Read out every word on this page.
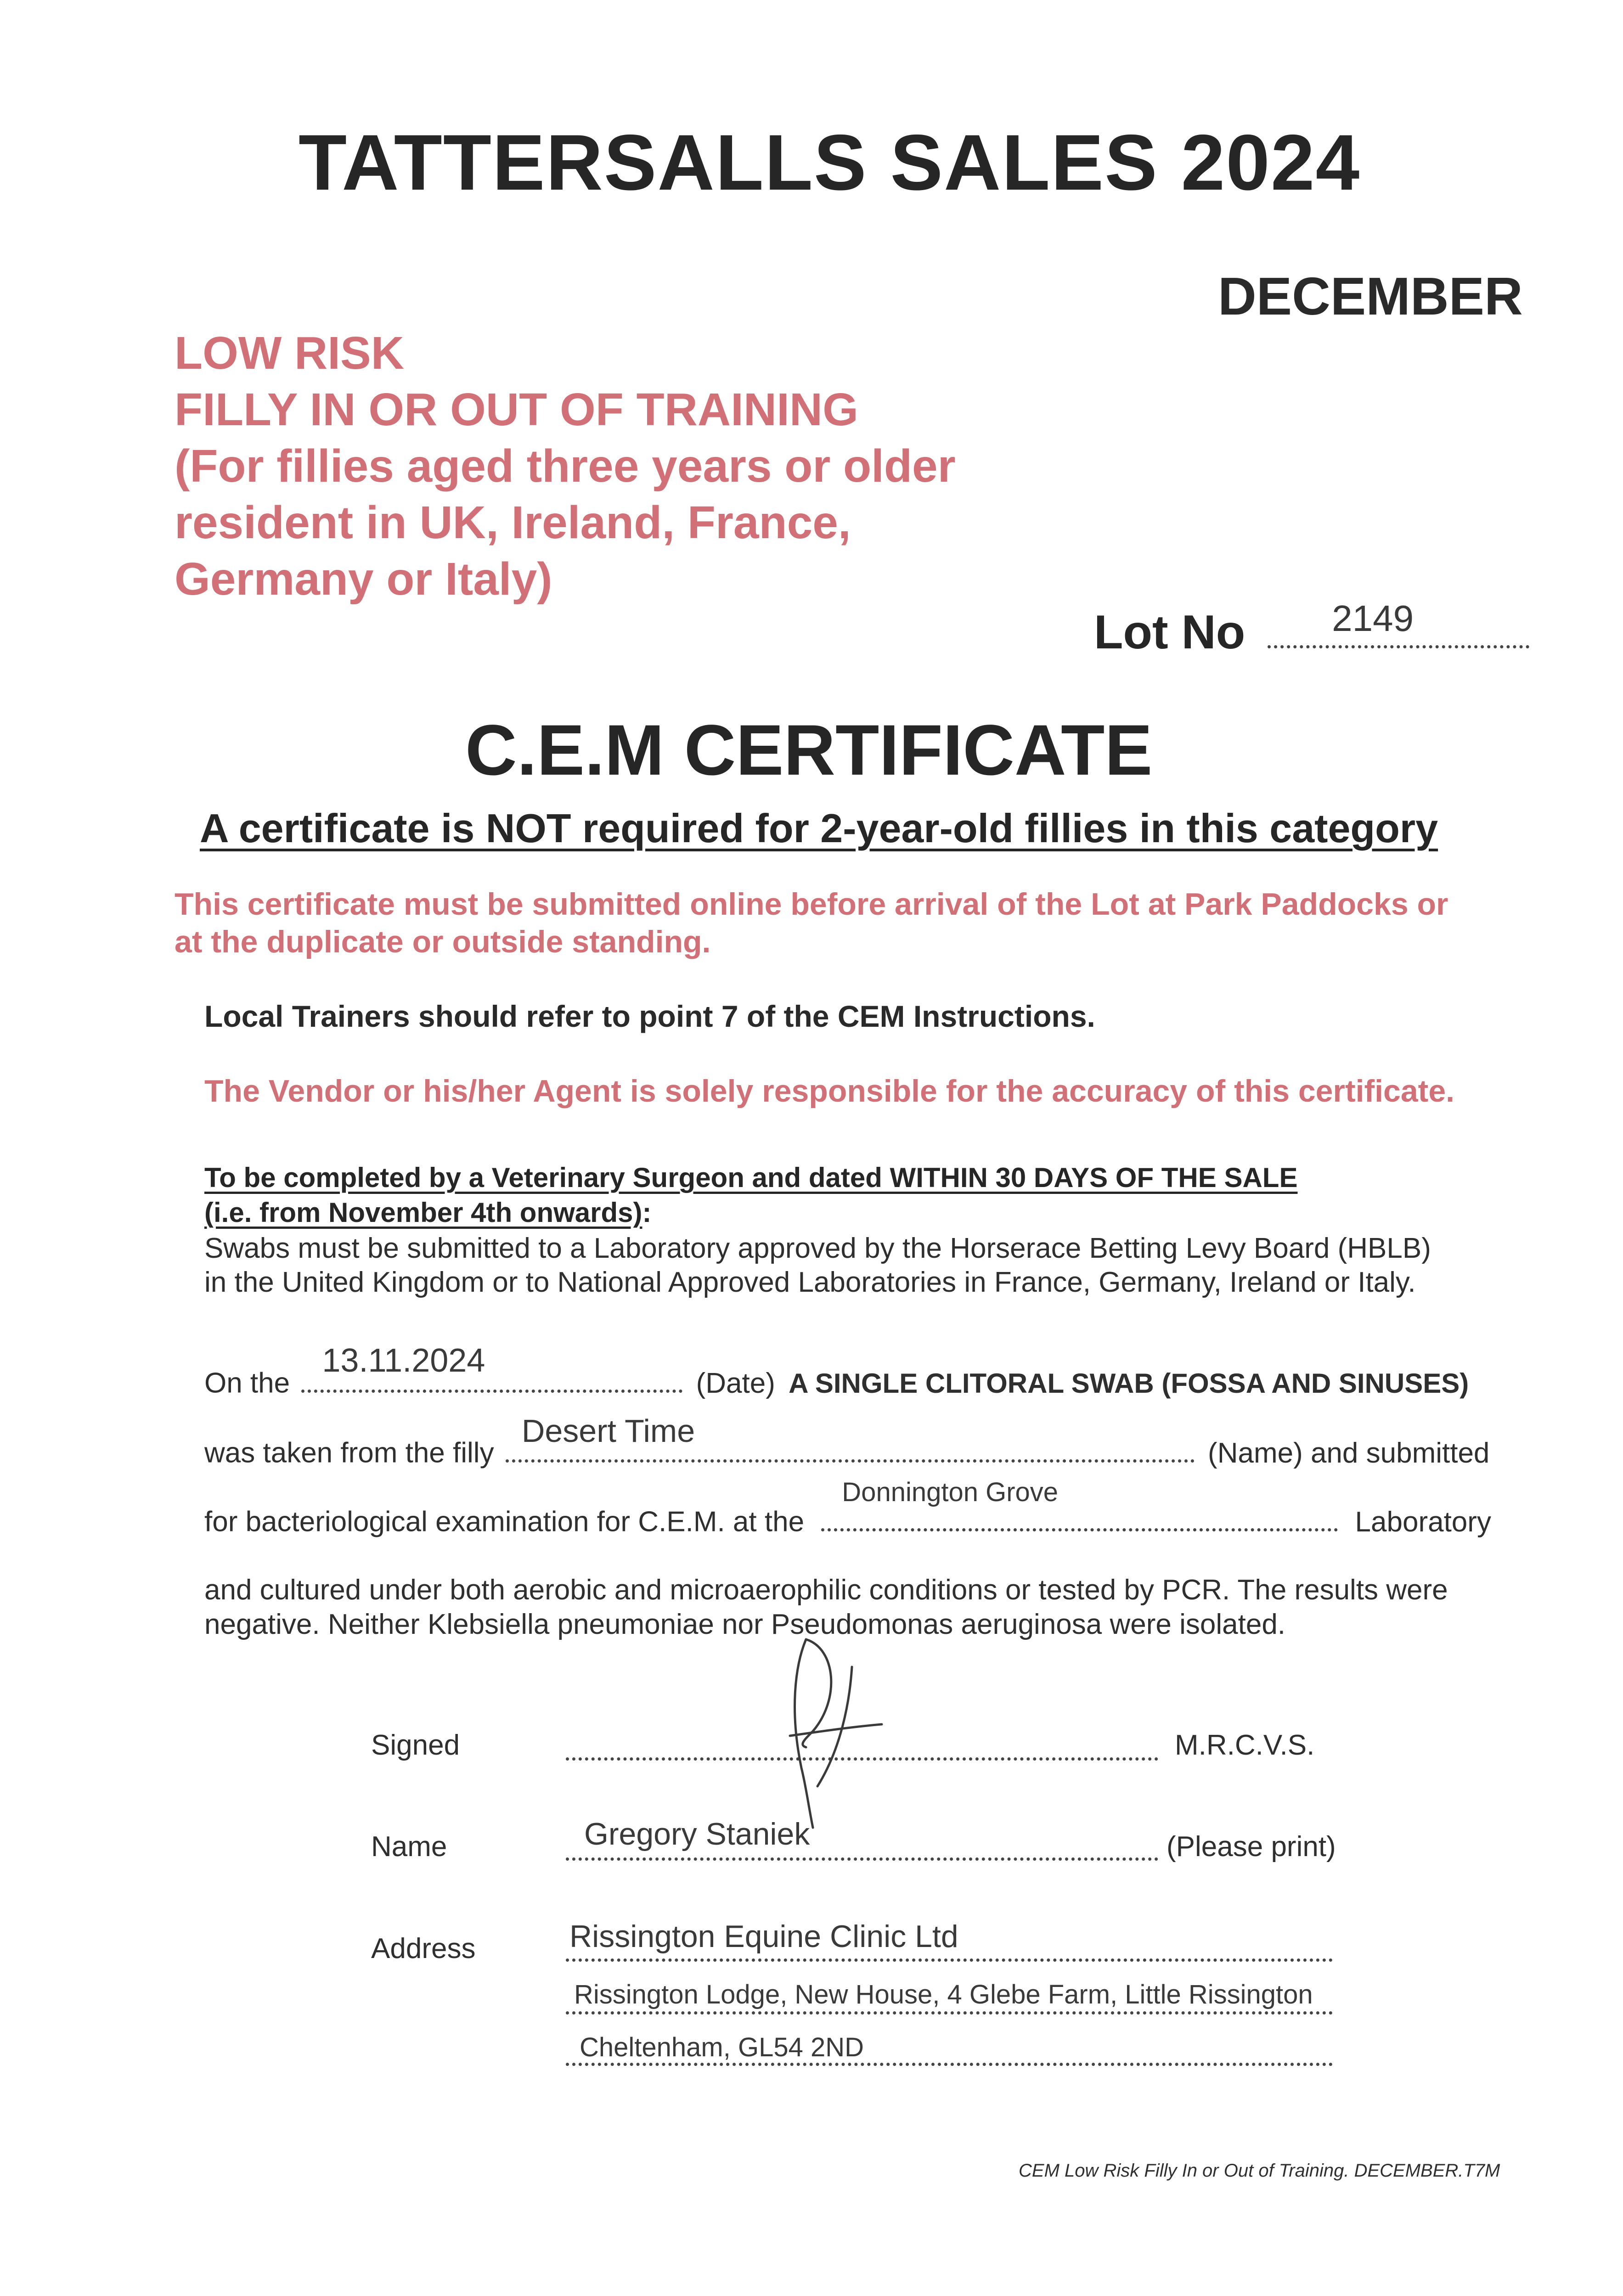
TATTERSALLS SALES 2024
DECEMBER
LOW RISK
FILLY IN OR OUT OF TRAINING
(For fillies aged three years or older
resident in UK, Ireland, France,
Germany or Italy)
Lot No 2149
C.E.M CERTIFICATE
A certificate is NOT required for 2-year-old fillies in this category
This certificate must be submitted online before arrival of the Lot at Park Paddocks or
at the duplicate or outside standing.
Local Trainers should refer to point 7 of the CEM Instructions.
The Vendor or his/her Agent is solely responsible for the accuracy of this certificate.
To be completed by a Veterinary Surgeon and dated WITHIN 30 DAYS OF THE SALE
(i.e. from November 4th onwards):
Swabs must be submitted to a Laboratory approved by the Horserace Betting Levy Board (HBLB)
in the United Kingdom or to National Approved Laboratories in France, Germany, Ireland or Italy.
On the
13.11.2024
(Date) A SINGLE CLITORAL SWAB (FOSSA AND SINUSES)
was taken from the filly
Desert Time
(Name) and submitted
for bacteriological examination for C.E.M. at the
Donnington Grove
Laboratory
and cultured under both aerobic and microaerophilic conditions or tested by PCR. The results were
negative. Neither Klebsiella pneumoniae nor Pseudomonas aeruginosa were isolated.
Signed	M.R.C.V.S.
Name	Gregory Staniek	(Please print)
Address	Rissington Equine Clinic Ltd
Rissington Lodge, New House, 4 Glebe Farm, Little Rissington
Cheltenham, GL54 2ND
CEM Low Risk Filly In or Out of Training. DECEMBER.T7M
